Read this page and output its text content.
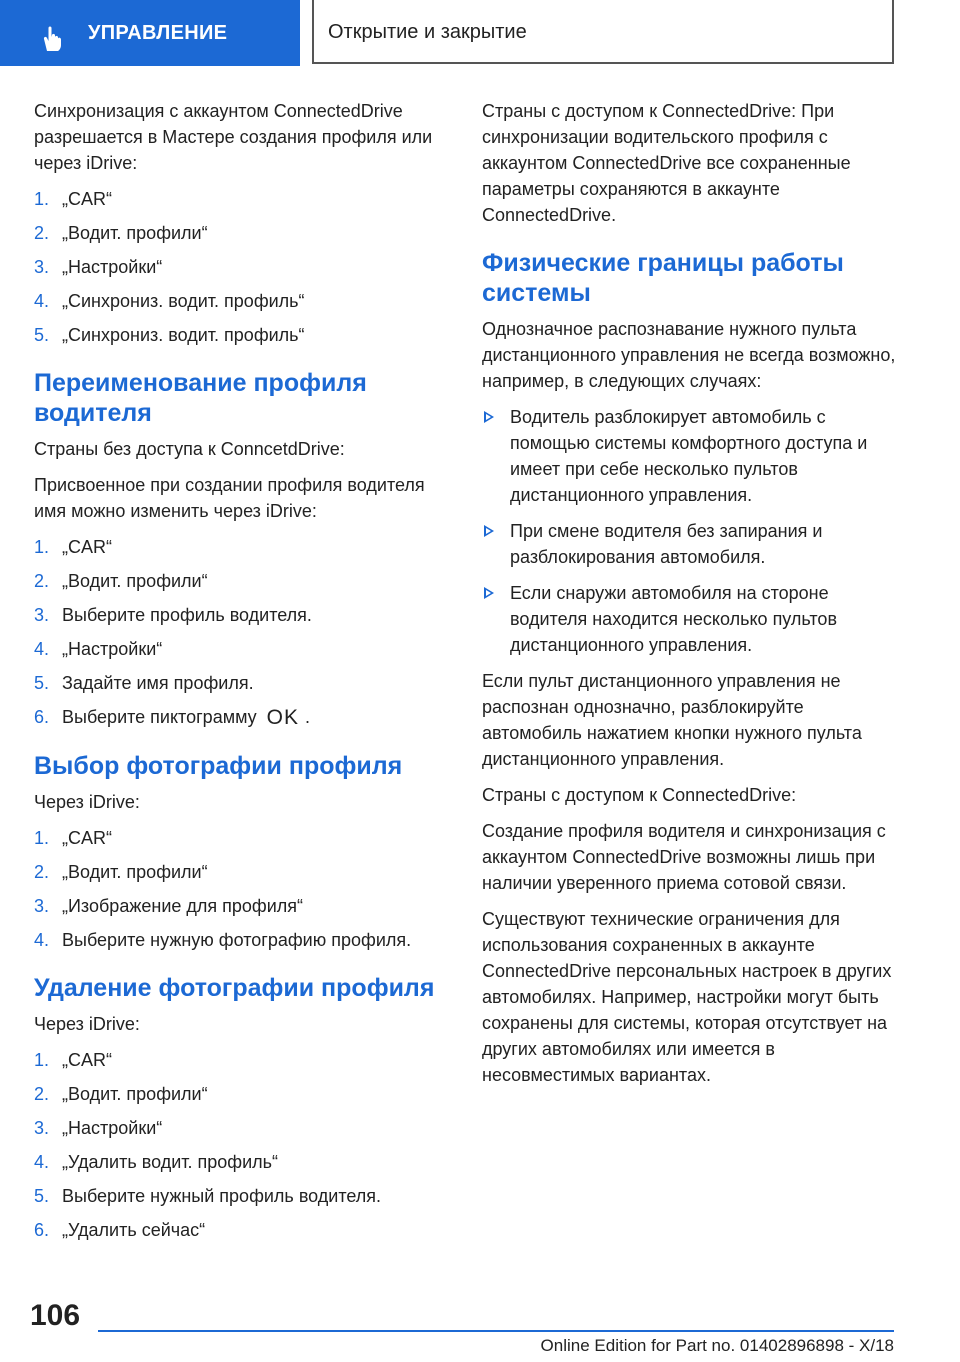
УПРАВЛЕНИЕ	Открытие и закрытие

Синхронизация с аккаунтом ConnectedDrive разрешается в Мастере создания профиля или через iDrive:

1. „CAR“
2. „Водит. профили“
3. „Настройки“
4. „Синхрониз. водит. профиль“
5. „Синхрониз. водит. профиль“
Переименование профиля водителя

Страны без доступа к ConncetdDrive:

Присвоенное при создании профиля водителя имя можно изменить через iDrive:

1. „CAR“
2. „Водит. профили“
3. Выберите профиль водителя.
4. „Настройки“
5. Задайте имя профиля.
6. Выберите пиктограмму OK .
Выбор фотографии профиля

Через iDrive:

1. „CAR“
2. „Водит. профили“
3. „Изображение для профиля“
4. Выберите нужную фотографию профиля.
Удаление фотографии профиля

Через iDrive:

1. „CAR“
2. „Водит. профили“
3. „Настройки“
4. „Удалить водит. профиль“
5. Выберите нужный профиль водителя.
6. „Удалить сейчас“

Страны с доступом к ConnectedDrive: При синхронизации водительского профиля с аккаунтом ConnectedDrive все сохраненные параметры сохраняются в аккаунте ConnectedDrive.

Физические границы работы системы

Однозначное распознавание нужного пульта дистанционного управления не всегда возможно, например, в следующих случаях:

Водитель разблокирует автомобиль с помощью системы комфортного доступа и имеет при себе несколько пультов дистанционного управления.
При смене водителя без запирания и разблокирования автомобиля.
Если снаружи автомобиля на стороне водителя находится несколько пультов дистанционного управления.

Если пульт дистанционного управления не распознан однозначно, разблокируйте автомобиль нажатием кнопки нужного пульта дистанционного управления.

Страны с доступом к ConnectedDrive:

Создание профиля водителя и синхронизация с аккаунтом ConnectedDrive возможны лишь при наличии уверенного приема сотовой связи.

Существуют технические ограничения для использования сохраненных в аккаунте ConnectedDrive персональных настроек в других автомобилях. Например, настройки могут быть сохранены для системы, которая отсутствует на других автомобилях или имеется в несовместимых вариантах.

106
Online Edition for Part no. 01402896898 - X/18
